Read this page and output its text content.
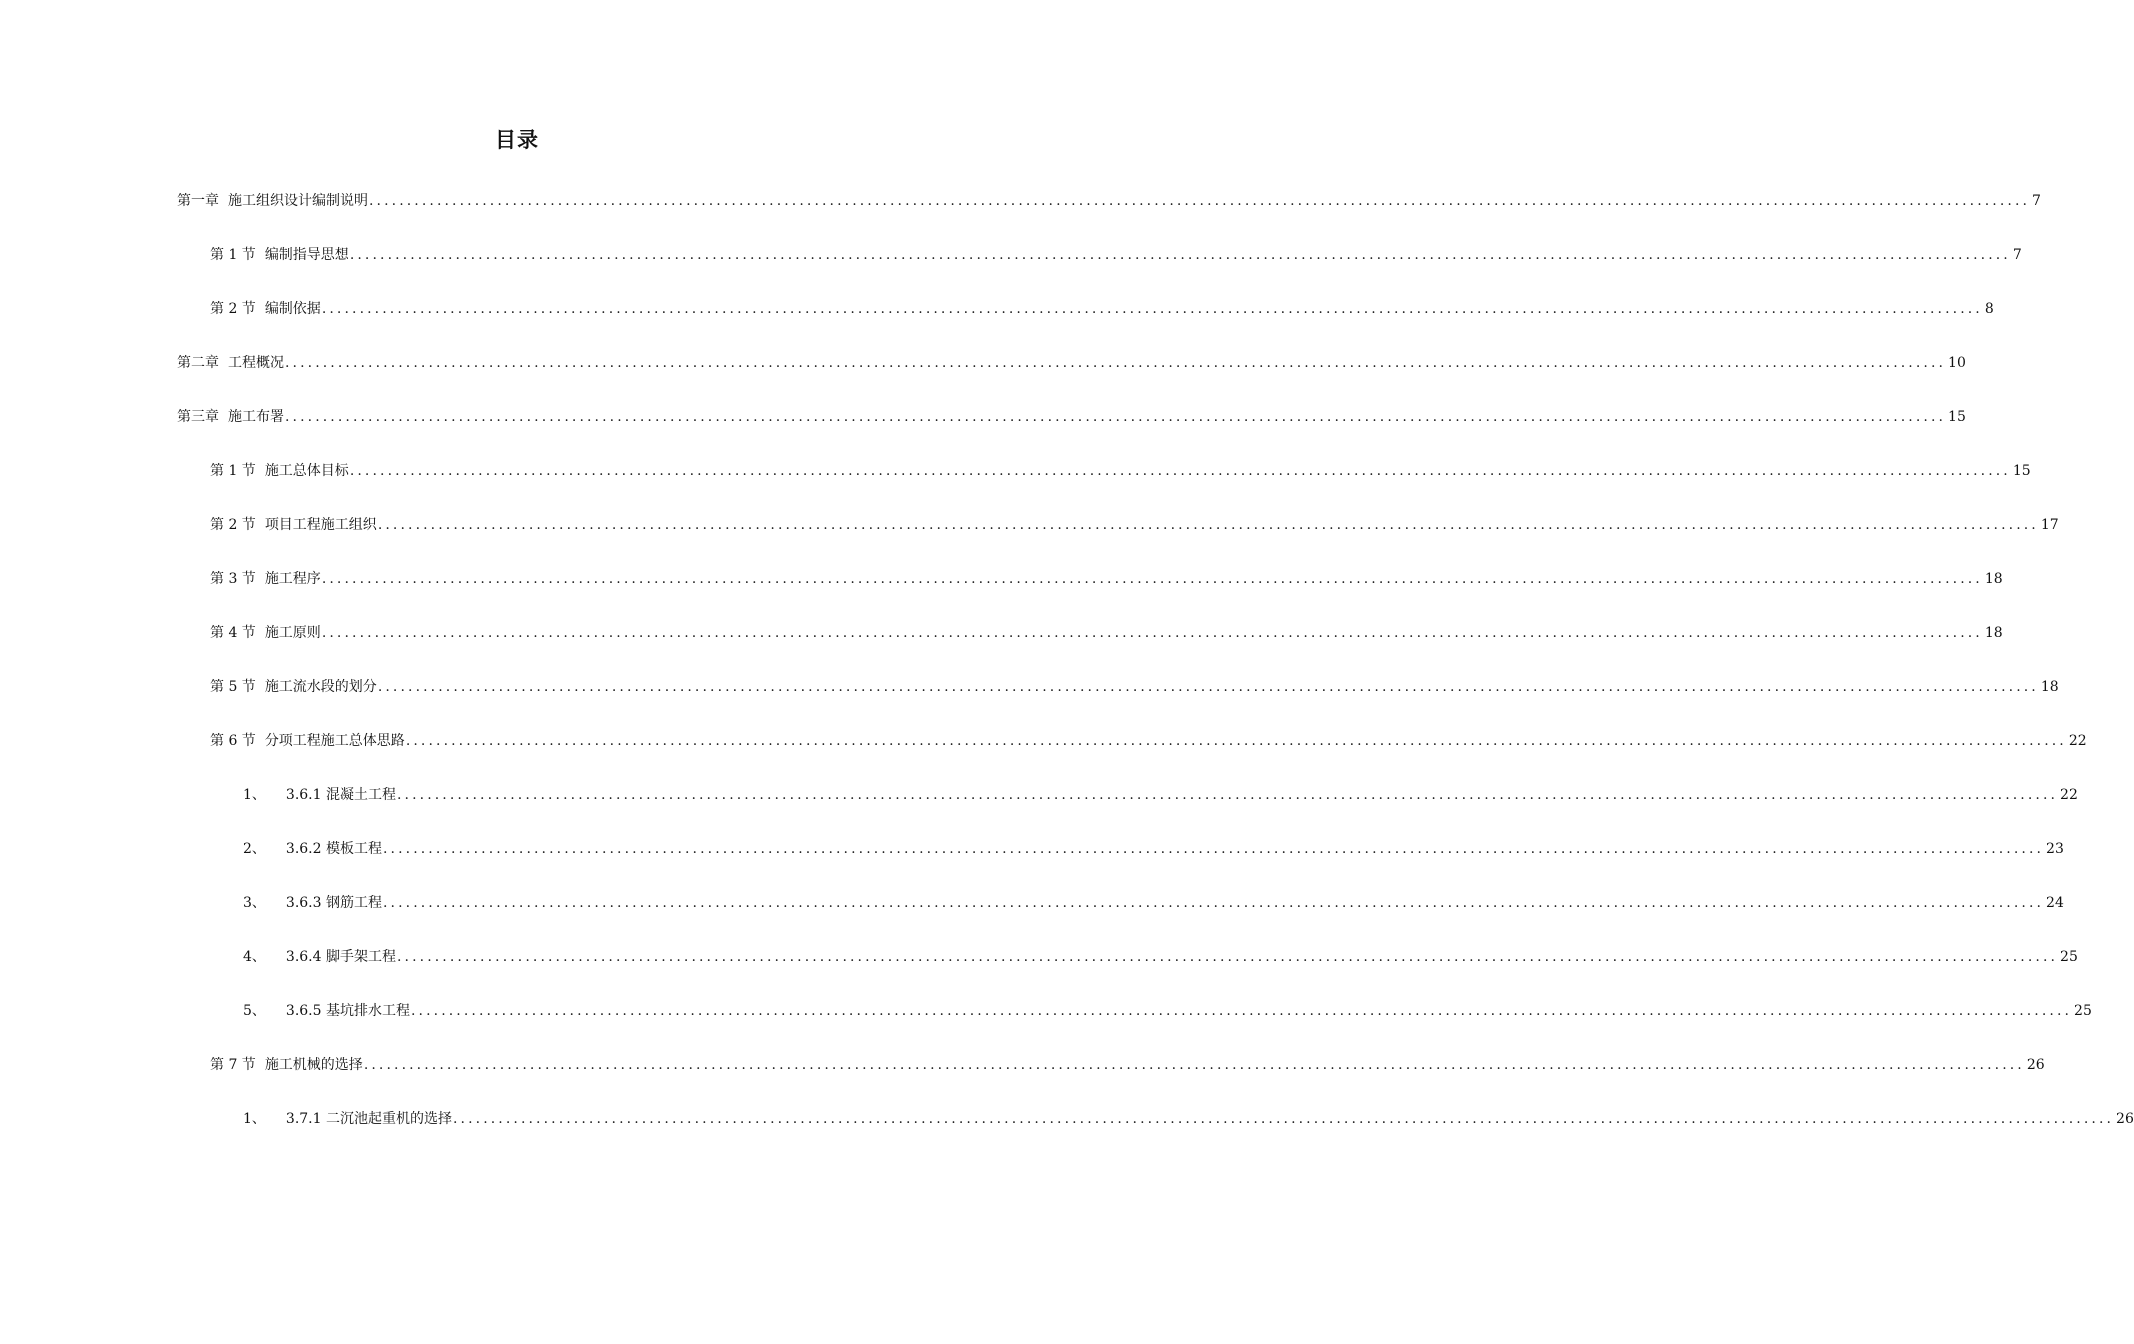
目录
第一章 施工组织设计编制说明 ............................................................................................................................................................................................................................ 7
第 1 节 编制指导思想 ............................................................................................................................................................................................................................ 7
第 2 节 编制依据 ............................................................................................................................................................................................................................ 8
第二章 工程概况 ............................................................................................................................................................................................................................ 10
第三章 施工布署 ............................................................................................................................................................................................................................ 15
第 1 节 施工总体目标 ............................................................................................................................................................................................................................ 15
第 2 节 项目工程施工组织 ............................................................................................................................................................................................................................ 17
第 3 节 施工程序 ............................................................................................................................................................................................................................ 18
第 4 节 施工原则 ............................................................................................................................................................................................................................ 18
第 5 节 施工流水段的划分 ............................................................................................................................................................................................................................ 18
第 6 节 分项工程施工总体思路 ............................................................................................................................................................................................................................ 22
1、 3.6.1 混凝土工程 ............................................................................................................................................................................................................................ 22
2、 3.6.2 模板工程 ............................................................................................................................................................................................................................ 23
3、 3.6.3 钢筋工程 ............................................................................................................................................................................................................................ 24
4、 3.6.4 脚手架工程 ............................................................................................................................................................................................................................ 25
5、 3.6.5 基坑排水工程 ............................................................................................................................................................................................................................ 25
第 7 节 施工机械的选择 ............................................................................................................................................................................................................................ 26
1、 3.7.1 二沉池起重机的选择 ............................................................................................................................................................................................................................ 26
